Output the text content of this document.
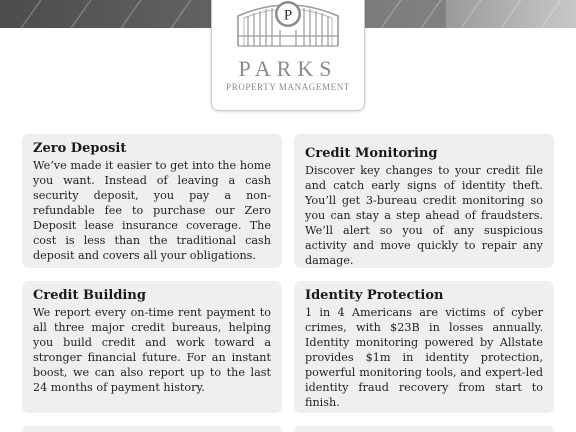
P
PARKS
PROPERTY MANAGEMENT
Zero Deposit

We’ve made it easier to get into the home you want. Instead of leaving a cash security deposit, you pay a non-refundable fee to purchase our Zero Deposit lease insurance coverage. The cost is less than the traditional cash deposit and covers all your obligations.

Credit Monitoring

Discover key changes to your credit file and catch early signs of identity theft. You’ll get 3-bureau credit monitoring so you can stay a step ahead of fraudsters. We’ll alert so you of any suspicious activity and move quickly to repair any damage.

Credit Building

We report every on-time rent payment to all three major credit bureaus, helping you build credit and work toward a stronger financial future. For an instant boost, we can also report up to the last 24 months of payment history.

Identity Protection

1 in 4 Americans are victims of cyber crimes, with $23B in losses annually. Identity monitoring powered by Allstate provides $1m in identity protection, powerful monitoring tools, and expert-led identity fraud recovery from start to finish.
